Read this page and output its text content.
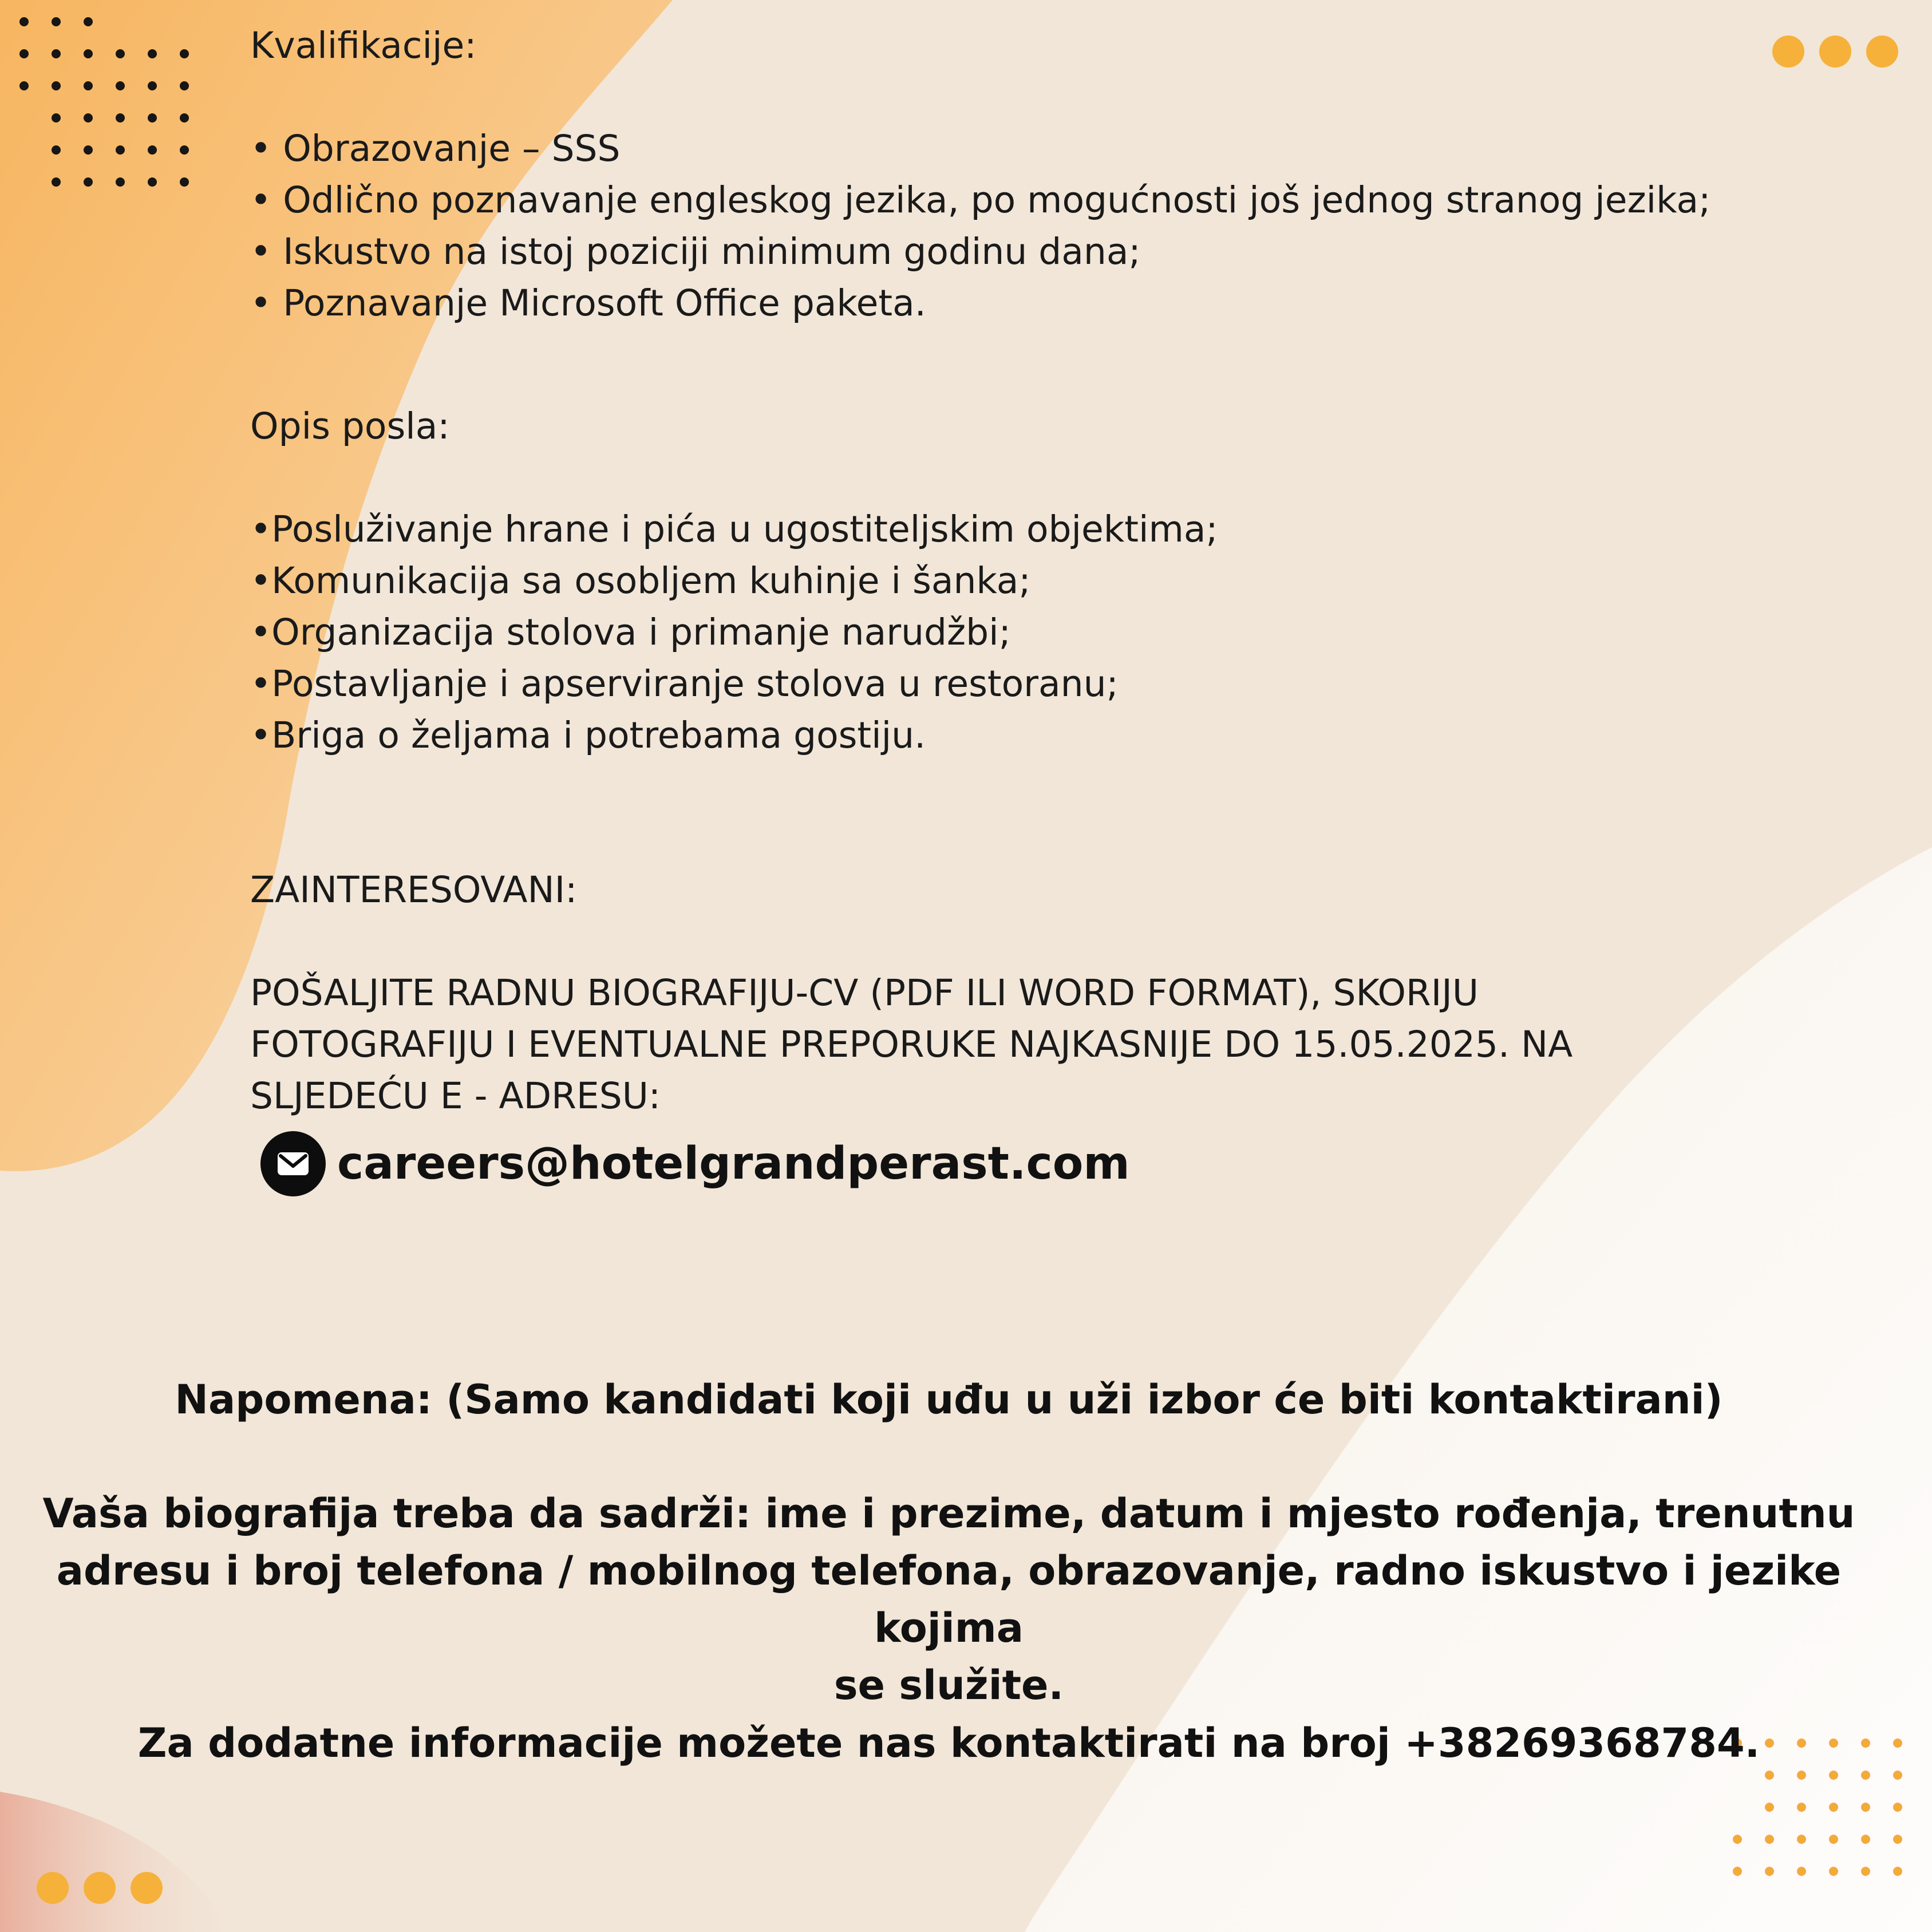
Kvalifikacije:

• Obrazovanje – SSS
• Odlično poznavanje engleskog jezika, po mogućnosti još jednog stranog jezika;
• Iskustvo na istoj poziciji minimum godinu dana;
• Poznavanje Microsoft Office paketa.

Opis posla:

• Posluživanje hrane i pića u ugostiteljskim objektima;
• Komunikacija sa osobljem kuhinje i šanka;
• Organizacija stolova i primanje narudžbi;
• Postavljanje i apserviranje stolova u restoranu;
• Briga o željama i potrebama gostiju.

ZAINTERESOVANI:

POŠALJITE RADNU BIOGRAFIJU-CV (PDF ILI WORD FORMAT), SKORIJU

FOTOGRAFIJU I EVENTUALNE PREPORUKE NAJKASNIJE DO 15.05.2025. NA

SLJEDEĆU E - ADRESU:

careers@hotelgrandperast.com
Napomena: (Samo kandidati koji uđu u uži izbor će biti kontaktirani)
Vaša biografija treba da sadrži: ime i prezime, datum i mjesto rođenja, trenutnu
adresu i broj telefona / mobilnog telefona, obrazovanje, radno iskustvo i jezike kojima
se služite.
Za dodatne informacije možete nas kontaktirati na broj +38269368784.
